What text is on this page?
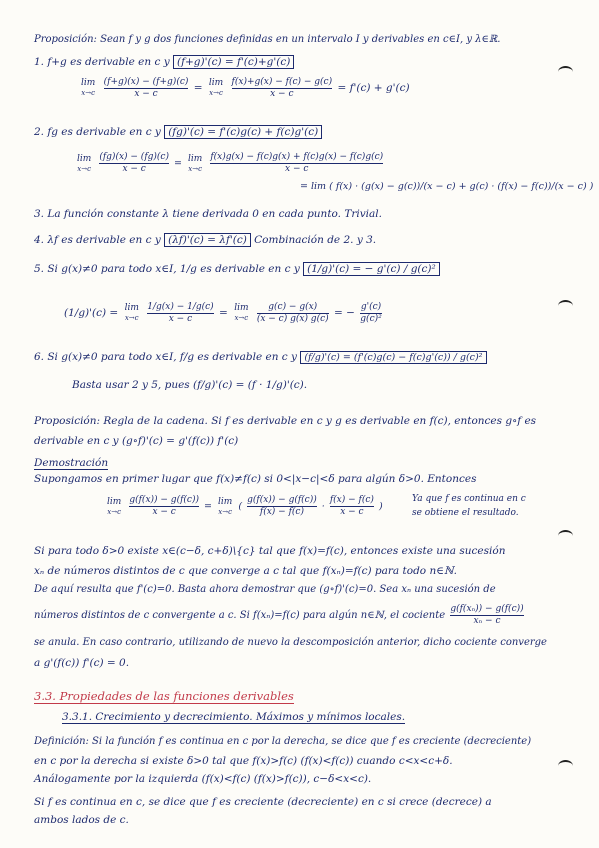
Proposición: Sean f y g dos funciones definidas en un intervalo I y derivables en c∈I, y λ∈ℝ.
1. f+g es derivable en c y (f+g)'(c) = f'(c)+g'(c)
lim
x→c
$\frac{(f+g)(x) - (f+g)(c)}{x - c} = \lim$
x→c
$\frac{f(x)+g(x) - f(c) - g(c)}{x - c} = f'(c) + g'(c)$
2. fg es derivable en c y (fg)'(c) = f'(c)g(c) + f(c)g'(c)
lim
x→c
$\frac{(fg)(x) - (fg)(c)}{x - c} = \lim$
x→c
$\frac{f(x)g(x) - f(c)g(x) + f(c)g(x) - f(c)g(c)}{x - c}$
= lim ( f(x) · (g(x) − g(c))/(x − c) + g(c) · (f(x) − f(c))/(x − c) )
3. La función constante λ tiene derivada 0 en cada punto. Trivial.
4. λf es derivable en c y (λf)'(c) = λf'(c) Combinación de 2. y 3.
5. Si g(x)≠0 para todo x∈I, 1/g es derivable en c y (1/g)'(c) = − g'(c) / g(c)²
(1/g)'(c) = lim
x→c
$\frac{1/g(x) - 1/g(c)}{x - c} = \lim$
x→c
$\frac{g(c) - g(x)}{(x - c) g(x) g(c)}$ = − $\frac{g'(c)}{\text{g(c)²}}$
6. Si g(x)≠0 para todo x∈I, f/g es derivable en c y (f/g)'(c) = (f'(c)g(c) − f(c)g'(c)) / g(c)²
Basta usar 2 y 5, pues (f/g)'(c) = (f · 1/g)'(c).
Proposición: Regla de la cadena. Si f es derivable en c y g es derivable en f(c), entonces g∘f es
derivable en c y (g∘f)'(c) = g'(f(c)) f'(c)
Demostración
Supongamos en primer lugar que f(x)≠f(c) si 0<|x−c|<δ para algún δ>0. Entonces
lim
x→c
$\frac{g(f(x)) - g(f(c))}{x - c} = \lim$
x→c ( $\frac{g(f(x)) - g(f(c))}{f(x) - f(c)} \cdot \frac{f(x) - f(c)}{x - c}$ )
Ya que f es continua en c
se obtiene el resultado.
Si para todo δ>0 existe x∈(c−δ, c+δ)\{c} tal que f(x)=f(c), entonces existe una sucesión
xₙ de números distintos de c que converge a c tal que f(xₙ)=f(c) para todo n∈ℕ.
De aquí resulta que f'(c)=0. Basta ahora demostrar que (g∘f)'(c)=0. Sea xₙ una sucesión de
números distintos de c convergente a c. Si f(xₙ)=f(c) para algún n∈ℕ, el cociente $\frac{\text{g(f(xₙ)) − g(f(c))}}{\text{xₙ − c}}$
se anula. En caso contrario, utilizando de nuevo la descomposición anterior, dicho cociente converge
a g'(f(c)) f'(c) = 0.
3.3. Propiedades de las funciones derivables
3.3.1. Crecimiento y decrecimiento. Máximos y mínimos locales.
Definición: Si la función f es continua en c por la derecha, se dice que f es creciente (decreciente)
en c por la derecha si existe δ>0 tal que f(x)>f(c) (f(x)<f(c)) cuando c<x<c+δ.
Análogamente por la izquierda (f(x)<f(c) (f(x)>f(c)), c−δ<x<c).
Si f es continua en c, se dice que f es creciente (decreciente) en c si crece (decrece) a
ambos lados de c.
